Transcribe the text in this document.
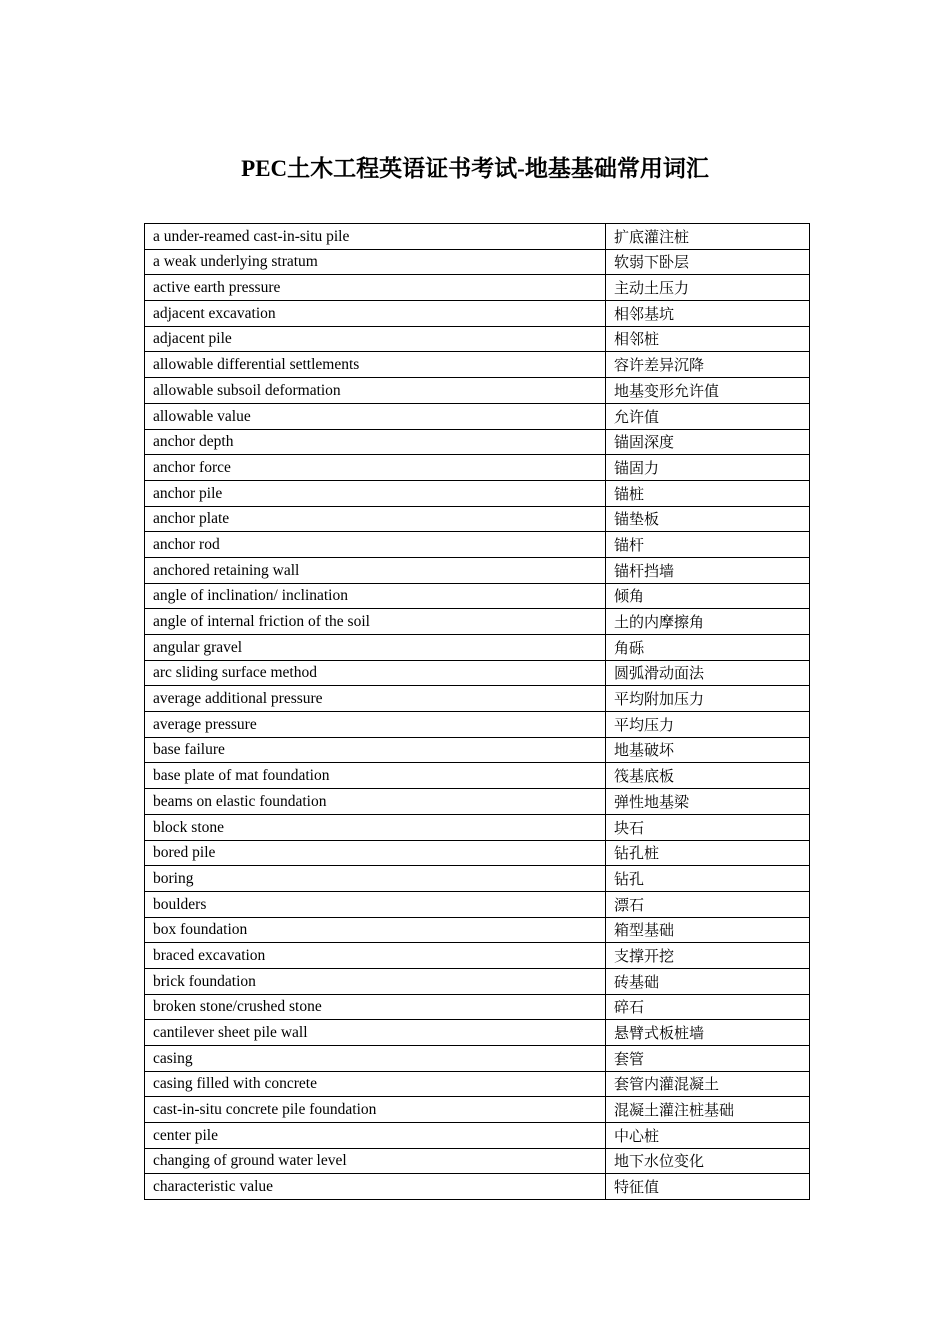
PEC土木工程英语证书考试-地基基础常用词汇
a under-reamed cast-in-situ pile	扩底灌注桩
a weak underlying stratum	软弱下卧层
active earth pressure	主动土压力
adjacent excavation	相邻基坑
adjacent pile	相邻桩
allowable differential settlements	容许差异沉降
allowable subsoil deformation	地基变形允许值
allowable value	允许值
anchor depth	锚固深度
anchor force	锚固力
anchor pile	锚桩
anchor plate	锚垫板
anchor rod	锚杆
anchored retaining wall	锚杆挡墙
angle of inclination/ inclination	倾角
angle of internal friction of the soil	土的内摩擦角
angular gravel	角砾
arc sliding surface method	圆弧滑动面法
average additional pressure	平均附加压力
average pressure	平均压力
base failure	地基破坏
base plate of mat foundation	筏基底板
beams on elastic foundation	弹性地基梁
block stone	块石
bored pile	钻孔桩
boring	钻孔
boulders	漂石
box foundation	箱型基础
braced excavation	支撑开挖
brick foundation	砖基础
broken stone/crushed stone	碎石
cantilever sheet pile wall	悬臂式板桩墙
casing	套管
casing filled with concrete	套管内灌混凝土
cast-in-situ concrete pile foundation	混凝土灌注桩基础
center pile	中心桩
changing of ground water level	地下水位变化
characteristic value	特征值
